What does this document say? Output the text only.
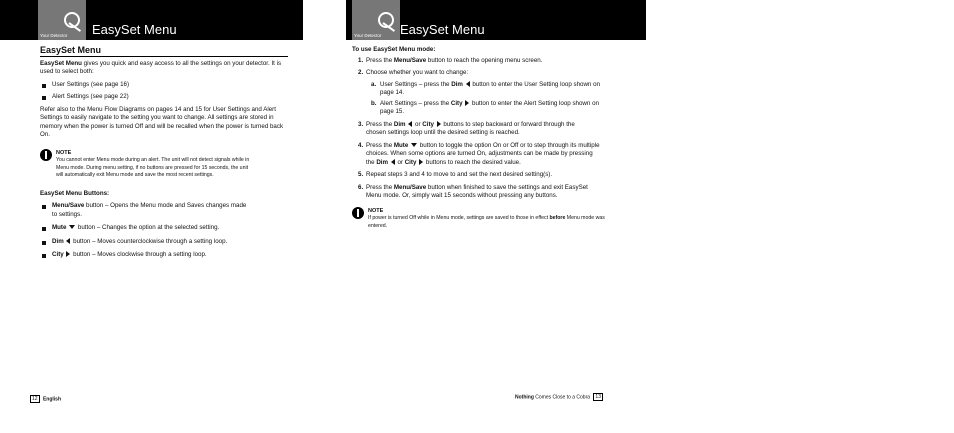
Your Detector EasySet Menu	Your Detector EasySet Menu
EasySet Menu

EasySet Menu gives you quick and easy access to all the settings on your detector. It is used to select both:

User Settings (see page 16)

Alert Settings (see page 22)

Refer also to the Menu Flow Diagrams on pages 14 and 15 for User Settings and Alert Settings to easily navigate to the setting you want to change. All settings are stored in memory when the power is turned Off and will be recalled when the power is turned back On.

NOTE
You cannot enter Menu mode during an alert. The unit will not detect signals while in Menu mode. During menu setting, if no buttons are pressed for 15 seconds, the unit will automatically exit Menu mode and save the most recent settings.

EasySet Menu Buttons:

Menu/Save button – Opens the Menu mode and Saves changes made to settings.

Mute  button – Changes the option at the selected setting.

Dim  button – Moves counterclockwise through a setting loop.

City  button – Moves clockwise through a setting loop.

To use EasySet Menu mode:

1. Press the Menu/Save button to reach the opening menu screen.

2. Choose whether you want to change:

a. User Settings – press the Dim  button to enter the User Setting loop shown on page 14.

b. Alert Settings – press the City  button to enter the Alert Setting loop shown on page 15.

3. Press the Dim  or City  buttons to step backward or forward through the chosen settings loop until the desired setting is reached.

4. Press the Mute  button to toggle the option On or Off or to step through its multiple choices. When some options are turned On, adjustments can be made by pressing the Dim  or City  buttons to reach the desired value.

5. Repeat steps 3 and 4 to move to and set the next desired setting(s).

6. Press the Menu/Save button when finished to save the settings and exit EasySet Menu mode. Or, simply wait 15 seconds without pressing any buttons.

NOTE
If power is turned Off while in Menu mode, settings are saved to those in effect before Menu mode was entered.
12 English	Nothing Comes Close to a Cobra 13
